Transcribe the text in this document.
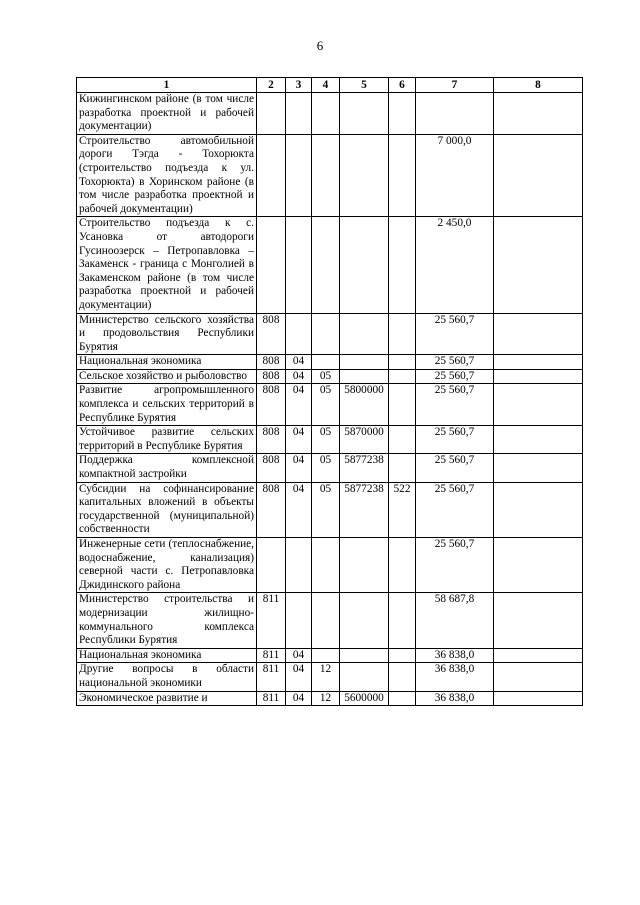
6
1	2	3	4	5	6	7	8
Кижингинском районе (в том числе разработка проектной и рабочей документации)							
Строительство автомобильной дороги Тэгда - Тохорюкта (строительство подъезда к ул. Тохорюкта) в Хоринском районе (в том числе разработка проектной и рабочей документации)						7 000,0	
Строительство подъезда к с. Усановка от автодороги Гусиноозерск – Петропавловка – Закаменск - граница с Монголией в Закаменском районе (в том числе разработка проектной и рабочей документации)						2 450,0	
Министерство сельского хозяйства и продовольствия Республики Бурятия	808					25 560,7	
Национальная экономика	808	04				25 560,7	
Сельское хозяйство и рыболовство	808	04	05			25 560,7	
Развитие агропромышленного комплекса и сельских территорий в Республике Бурятия	808	04	05	5800000		25 560,7	
Устойчивое развитие сельских территорий в Республике Бурятия	808	04	05	5870000		25 560,7	
Поддержка комплексной компактной застройки	808	04	05	5877238		25 560,7	
Субсидии на софинансирование капитальных вложений в объекты государственной (муниципальной) собственности	808	04	05	5877238	522	25 560,7	
Инженерные сети (теплоснабжение, водоснабжение, канализация) северной части с. Петропавловка Джидинского района						25 560,7	
Министерство строительства и модернизации жилищно-коммунального комплекса Республики Бурятия	811					58 687,8	
Национальная экономика	811	04				36 838,0	
Другие вопросы в области национальной экономики	811	04	12			36 838,0	
Экономическое развитие и	811	04	12	5600000		36 838,0	
